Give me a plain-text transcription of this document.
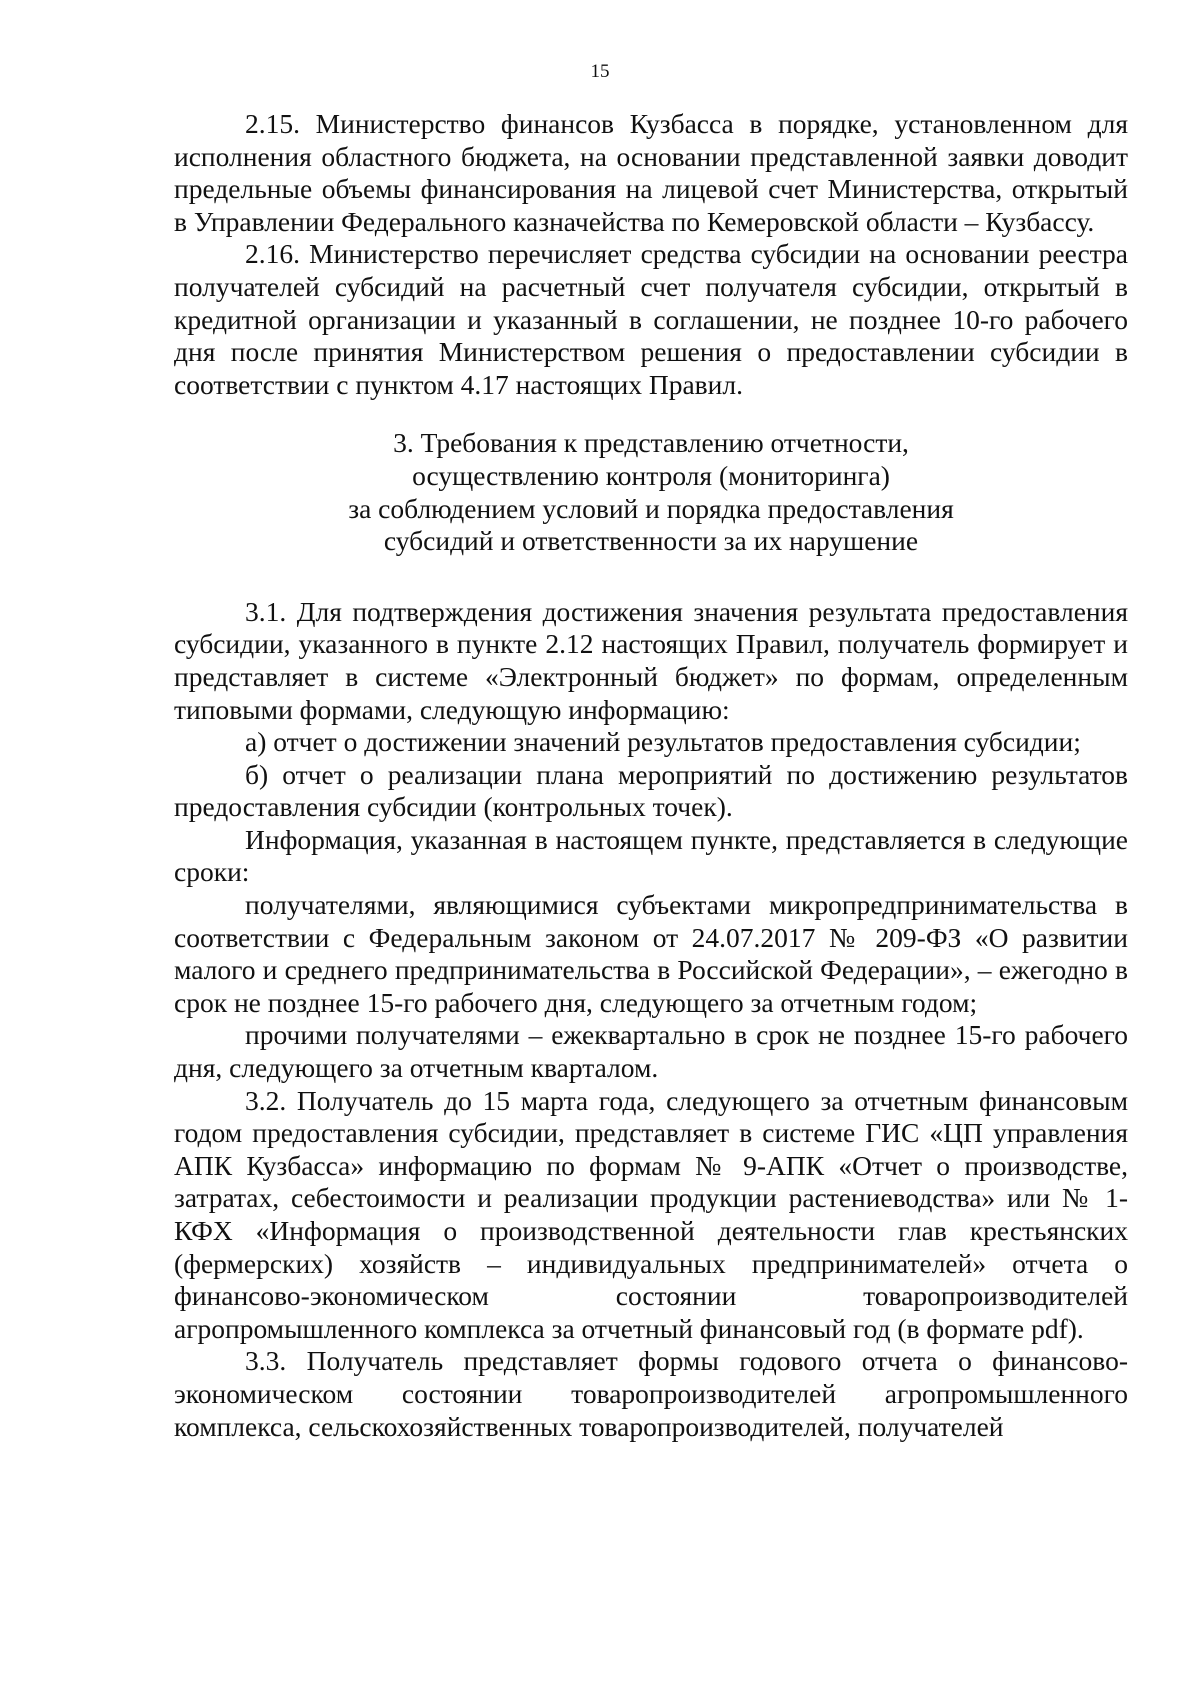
15

2.15. Министерство финансов Кузбасса в порядке, установленном для исполнения областного бюджета, на основании представленной заявки доводит предельные объемы финансирования на лицевой счет Министерства, открытый в Управлении Федерального казначейства по Кемеровской области – Кузбассу.

2.16. Министерство перечисляет средства субсидии на основании реестра получателей субсидий на расчетный счет получателя субсидии, открытый в кредитной организации и указанный в соглашении, не позднее 10-го рабочего дня после принятия Министерством решения о предоставлении субсидии в соответствии с пунктом 4.17 настоящих Правил.

3. Требования к представлению отчетности,
осуществлению контроля (мониторинга)
за соблюдением условий и порядка предоставления
субсидий и ответственности за их нарушение

3.1. Для подтверждения достижения значения результата предоставления субсидии, указанного в пункте 2.12 настоящих Правил, получатель формирует и представляет в системе «Электронный бюджет» по формам, определенным типовыми формами, следующую информацию:

а) отчет о достижении значений результатов предоставления субсидии;

б) отчет о реализации плана мероприятий по достижению результатов предоставления субсидии (контрольных точек).

Информация, указанная в настоящем пункте, представляется в следующие сроки:

получателями, являющимися субъектами микропредпринимательства в соответствии с Федеральным законом от 24.07.2017 № 209-ФЗ «О развитии малого и среднего предпринимательства в Российской Федерации», – ежегодно в срок не позднее 15-го рабочего дня, следующего за отчетным годом;

прочими получателями – ежеквартально в срок не позднее 15-го рабочего дня, следующего за отчетным кварталом.

3.2. Получатель до 15 марта года, следующего за отчетным финансовым годом предоставления субсидии, представляет в системе ГИС «ЦП управления АПК Кузбасса» информацию по формам № 9-АПК «Отчет о производстве, затратах, себестоимости и реализации продукции растениеводства» или № 1-КФХ «Информация о производственной деятельности глав крестьянских (фермерских) хозяйств – индивидуальных предпринимателей» отчета о финансово-экономическом состоянии товаропроизводителей агропромышленного комплекса за отчетный финансовый год (в формате pdf).

3.3. Получатель представляет формы годового отчета о финансово-экономическом состоянии товаропроизводителей агропромышленного комплекса, сельскохозяйственных товаропроизводителей, получателей
